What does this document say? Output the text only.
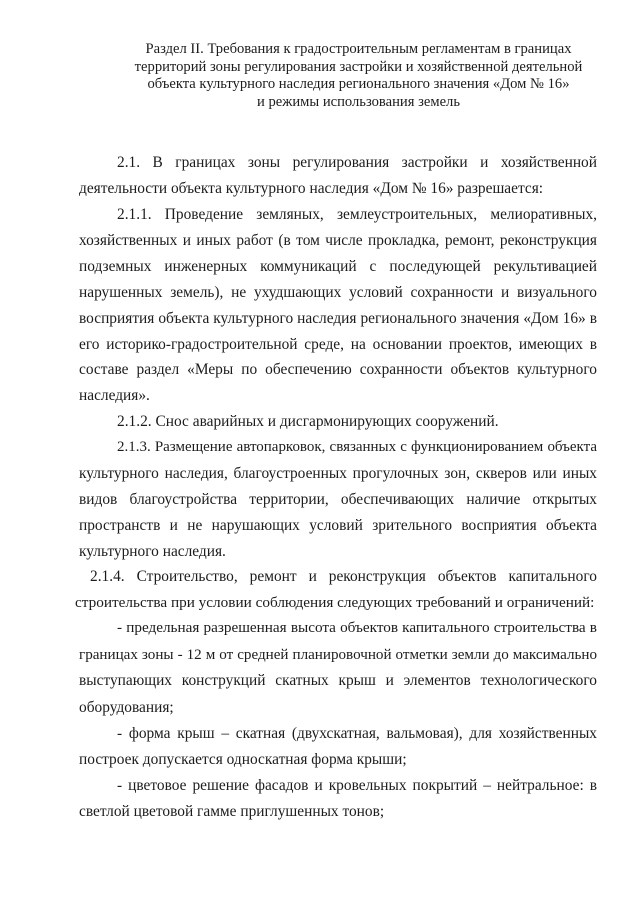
Раздел II. Требования к градостроительным регламентам в границах
территорий зоны регулирования застройки и хозяйственной деятельной
объекта культурного наследия регионального значения «Дом № 16»
и режимы использования земель
2.1. В границах зоны регулирования застройки и хозяйственной
деятельности объекта культурного наследия «Дом № 16» разрешается:
2.1.1. Проведение земляных, землеустроительных, мелиоративных,
хозяйственных и иных работ (в том числе прокладка, ремонт, реконструкция
подземных инженерных коммуникаций с последующей рекультивацией
нарушенных земель), не ухудшающих условий сохранности и визуального
восприятия объекта культурного наследия регионального значения «Дом 16» в
его историко-градостроительной среде, на основании проектов, имеющих в
составе раздел «Меры по обеспечению сохранности объектов культурного
наследия».
2.1.2. Снос аварийных и дисгармонирующих сооружений.
2.1.3. Размещение автопарковок, связанных с функционированием объекта
культурного наследия, благоустроенных прогулочных зон, скверов или иных
видов благоустройства территории, обеспечивающих наличие открытых
пространств и не нарушающих условий зрительного восприятия объекта
культурного наследия.
2.1.4. Строительство, ремонт и реконструкция объектов капитального
строительства при условии соблюдения следующих требований и ограничений:
- предельная разрешенная высота объектов капитального строительства в
границах зоны - 12 м от средней планировочной отметки земли до максимально
выступающих конструкций скатных крыш и элементов технологического
оборудования;
- форма крыш – скатная (двухскатная, вальмовая), для хозяйственных
построек допускается односкатная форма крыши;
- цветовое решение фасадов и кровельных покрытий – нейтральное: в
светлой цветовой гамме приглушенных тонов;
